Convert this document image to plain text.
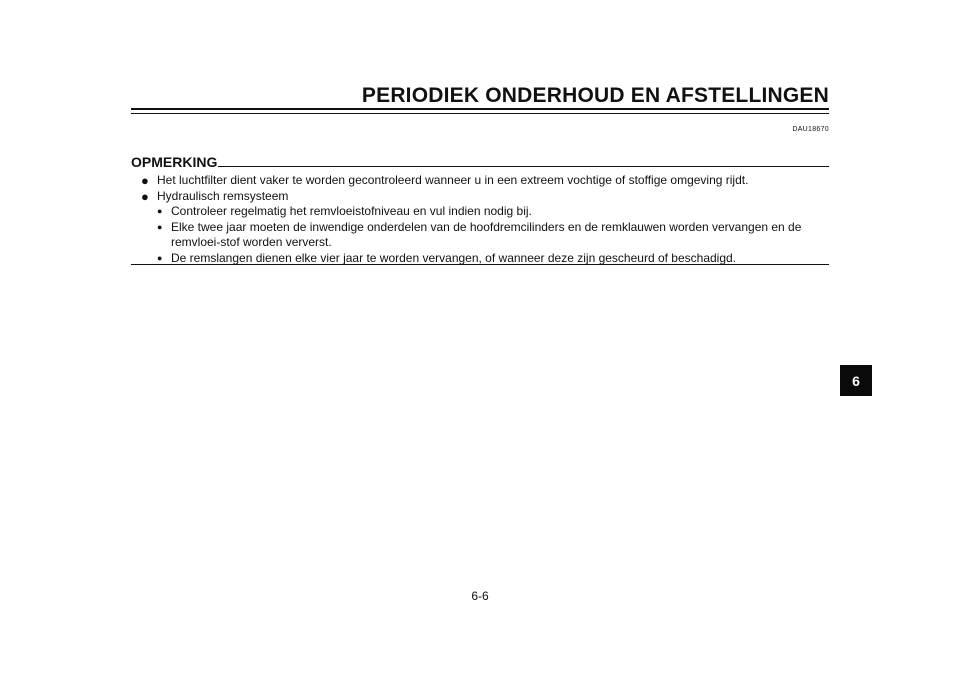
PERIODIEK ONDERHOUD EN AFSTELLINGEN
DAU18670
OPMERKING
● Het luchtfilter dient vaker te worden gecontroleerd wanneer u in een extreem vochtige of stoffige omgeving rijdt.
● Hydraulisch remsysteem
● Controleer regelmatig het remvloeistofniveau en vul indien nodig bij.
● Elke twee jaar moeten de inwendige onderdelen van de hoofdremcilinders en de remklauwen worden vervangen en de remvloei-stof worden ververst.
● De remslangen dienen elke vier jaar te worden vervangen, of wanneer deze zijn gescheurd of beschadigd.
6
6-6
